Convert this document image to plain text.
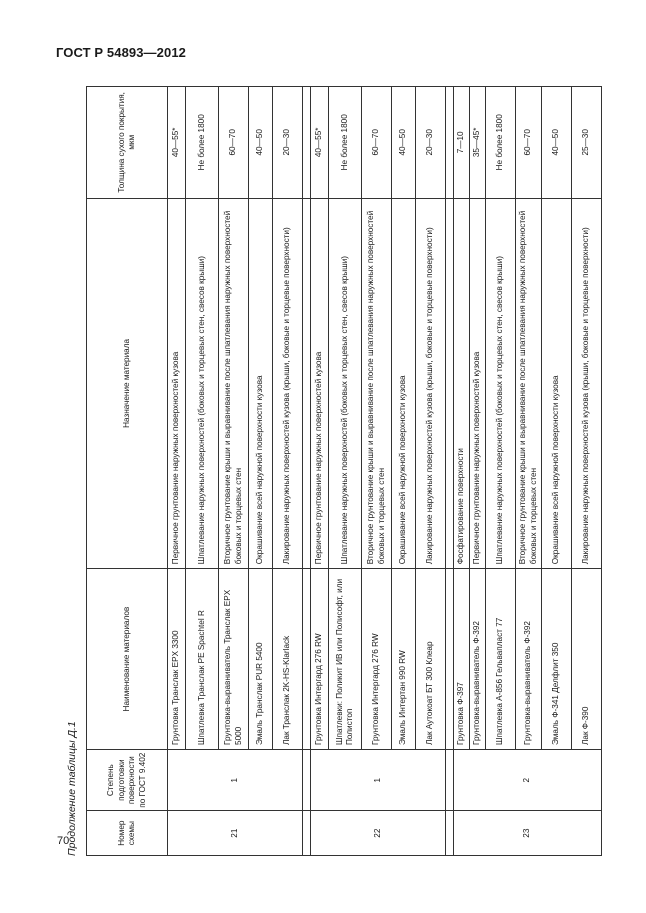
ГОСТ Р 54893—2012
70
Продолжение таблицы Д.1	Номер схемы	Степень подготовки поверхности по ГОСТ 9.402	Наименование материалов	Назначение материала	Толщина сухого покрытия, мкм
21	1	Грунтовка Транслак EPX 3300	Первичное грунтование наружных поверхностей кузова	40—55*
		Шпатлевка Транслак PE Spachtel R	Шпатлевание наружных поверхностей (боковых и торцевых стен, свесов крыши)	Не более 1800
		Грунтовка-выравниватель Транслак EPX 5000	Вторичное грунтование крыши и выравнивание после шпатлевания наружных поверхностей боковых и торцевых стен	60—70
		Эмаль Транслак PUR 5400	Окрашивание всей наружной поверхности кузова	40—50
		Лак Транслак 2K-HS-Klarlack	Лакирование наружных поверхностей кузова (крыши, боковые и торцевые поверхности)	20—30

22	1	Грунтовка Интергард 276 RW	Первичное грунтование наружных поверхностей кузова	40—55*
		Шпатлевки: Поликит ИВ или Полисофт, или Полистоп	Шпатлевание наружных поверхностей (боковых и торцевых стен, свесов крыши)	Не более 1800
		Грунтовка Интергард 276 RW	Вторичное грунтование крыши и выравнивание после шпатлевания наружных поверхностей боковых и торцевых стен	60—70
		Эмаль Интертан 990 RW	Окрашивание всей наружной поверхности кузова	40—50
		Лак Аутокоат БТ 300 Клеар	Лакирование наружных поверхностей кузова (крыши, боковые и торцевые поверхности)	20—30

23	2	Грунтовка Ф-397	Фосфатирование поверхности	7—10
		Грунтовка-выравниватель Ф-392	Первичное грунтование наружных поверхностей кузова	35—45*
		Шпатлевка А-856 Гельвапласт 77	Шпатлевание наружных поверхностей (боковых и торцевых стен, свесов крыши)	Не более 1800
		Грунтовка-выравниватель Ф-392	Вторичное грунтование крыши и выравнивание после шпатлевания наружных поверхностей боковых и торцевых стен	60—70
		Эмаль Ф-341 Делфлит 350	Окрашивание всей наружной поверхности кузова	40—50
		Лак Ф-390	Лакирование наружных поверхностей кузова (крыши, боковые и торцевые поверхности)	25—30
